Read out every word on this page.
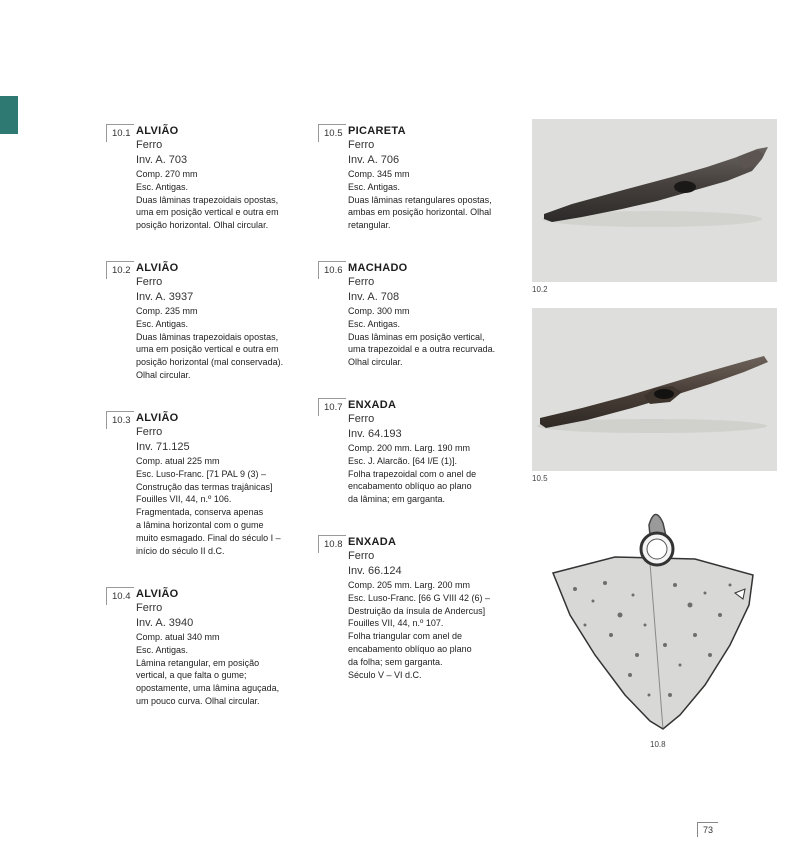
10.1 ALVIÃO
Ferro
Inv. A. 703
Comp. 270 mm
Esc. Antigas.
Duas lâminas trapezoidais opostas,
uma em posição vertical e outra em
posição horizontal. Olhal circular.
10.2 ALVIÃO
Ferro
Inv. A. 3937
Comp. 235 mm
Esc. Antigas.
Duas lâminas trapezoidais opostas,
uma em posição vertical e outra em
posição horizontal (mal conservada).
Olhal circular.
10.3 ALVIÃO
Ferro
Inv. 71.125
Comp. atual 225 mm
Esc. Luso-Franc. [71 PAL 9 (3) –
Construção das termas trajânicas]
Fouilles VII, 44, n.º 106.
Fragmentada, conserva apenas
a lâmina horizontal com o gume
muito esmagado. Final do século I –
início do século II d.C.
10.4 ALVIÃO
Ferro
Inv. A. 3940
Comp. atual 340 mm
Esc. Antigas.
Lâmina retangular, em posição
vertical, a que falta o gume;
opostamente, uma lâmina aguçada,
um pouco curva. Olhal circular.
10.5 PICARETA
Ferro
Inv. A. 706
Comp. 345 mm
Esc. Antigas.
Duas lâminas retangulares opostas,
ambas em posição horizontal. Olhal
retangular.
10.6 MACHADO
Ferro
Inv. A. 708
Comp. 300 mm
Esc. Antigas.
Duas lâminas em posição vertical,
uma trapezoidal e a outra recurvada.
Olhal circular.
10.7 ENXADA
Ferro
Inv. 64.193
Comp. 200 mm. Larg. 190 mm
Esc. J. Alarcão. [64 I/E (1)].
Folha trapezoidal com o anel de
encabamento oblíquo ao plano
da lâmina; em garganta.
10.8 ENXADA
Ferro
Inv. 66.124
Comp. 205 mm. Larg. 200 mm
Esc. Luso-Franc. [66 G VIII 42 (6) –
Destruição da ínsula de Andercus]
Fouilles VII, 44, n.º 107.
Folha triangular com anel de
encabamento oblíquo ao plano
da folha; sem garganta.
Século V – VI d.C.
10.2
10.5
10.8
73
